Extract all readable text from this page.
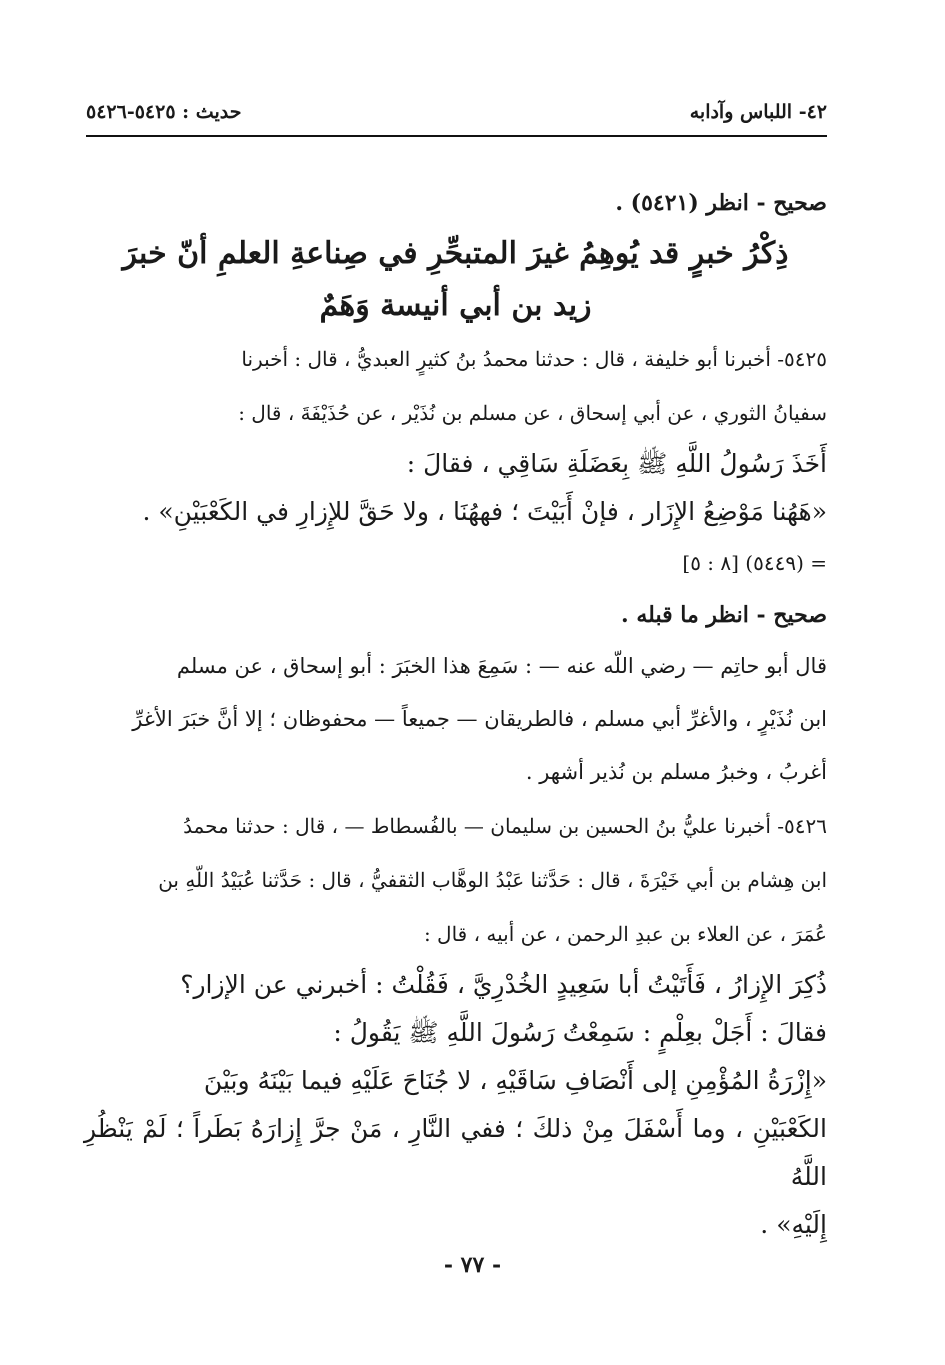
٤٢- اللباس وآدابه
حديث : ٥٤٢٥-٥٤٢٦

صحيح - انظر (٥٤٢١) .

ذِكْرُ خبرٍ قد يُوهِمُ غيرَ المتبحِّرِ في صِناعةِ العلمِ أنّ خبرَ

زيد بن أبي أنيسة وَهَمٌ

٥٤٢٥- أخبرنا أبو خليفة ، قال : حدثنا محمدُ بنُ كثيرٍ العبديُّ ، قال : أخبرنا

سفيانُ الثوري ، عن أبي إسحاق ، عن مسلم بن نُذَيْر ، عن حُذَيْفَةَ ، قال :

أَخَذَ رَسُولُ اللَّهِ ﷺ بِعَضَلَةِ سَاقِي ، فقالَ :

«هَهُنا مَوْضِعُ الإِزَار ، فإنْ أَبَيْتَ ؛ فههُنَا ، ولا حَقَّ للإِزارِ في الكَعْبَيْنِ» .

= (٥٤٤٩) [٨ : ٥]

صحيح - انظر ما قبله .

قال أبو حاتِم — رضي اللّه عنه — : سَمِعَ هذا الخبَرَ : أبو إسحاق ، عن مسلم

ابن نُذَيْرٍ ، والأغرِّ أبي مسلم ، فالطريقان — جميعاً — محفوظان ؛ إلا أنَّ خبَرَ الأغرِّ

أغربُ ، وخبرُ مسلم بن نُذير أشهر .

٥٤٢٦- أخبرنا عليُّ بنُ الحسين بن سليمان — بالفُسطاط — ، قال : حدثنا محمدُ

ابن هِشام بن أبي خَيْرَةَ ، قال : حَدَّثنا عَبْدُ الوهَّاب الثقفيُّ ، قال : حَدَّثنا عُبَيْدُ اللّهِ بن

عُمَرَ ، عن العلاء بن عبدِ الرحمن ، عن أبيه ، قال :

ذُكِرَ الإِزارُ ، فَأَتَيْتُ أبا سَعِيدٍ الخُدْرِيَّ ، فَقُلْتُ : أخبرني عن الإزار؟

فقالَ : أَجَلْ بعِلْمٍ : سَمِعْتُ رَسُولَ اللَّهِ ﷺ يَقُولُ :

«إِزْرَةُ المُؤْمِنِ إلى أَنْصَافِ سَاقَيْهِ ، لا جُنَاحَ عَلَيْهِ فيما بَيْنَهُ وبَيْنَ

الكَعْبَيْنِ ، وما أَسْفَلَ مِنْ ذلكَ ؛ ففي النَّارِ ، مَنْ جرَّ إِزارَهُ بَطَراً ؛ لَمْ يَنْظُرِ اللَّهُ

إِلَيْهِ» .

- ٧٧ -
